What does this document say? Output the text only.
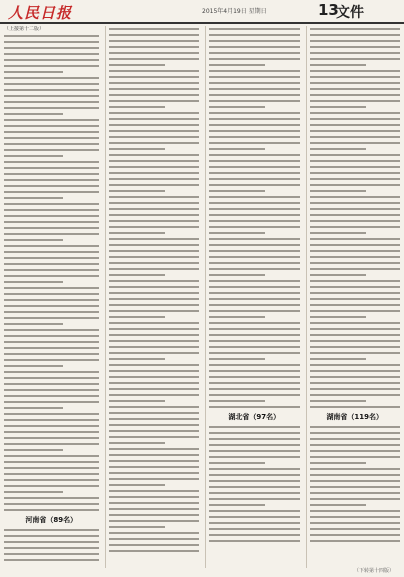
人民日报	2015年4月19日 星期日	13
文件
（上接第十二版）
河南省（89名）
湖北省（97名）	湖南省（119名）
（下转第十四版）
